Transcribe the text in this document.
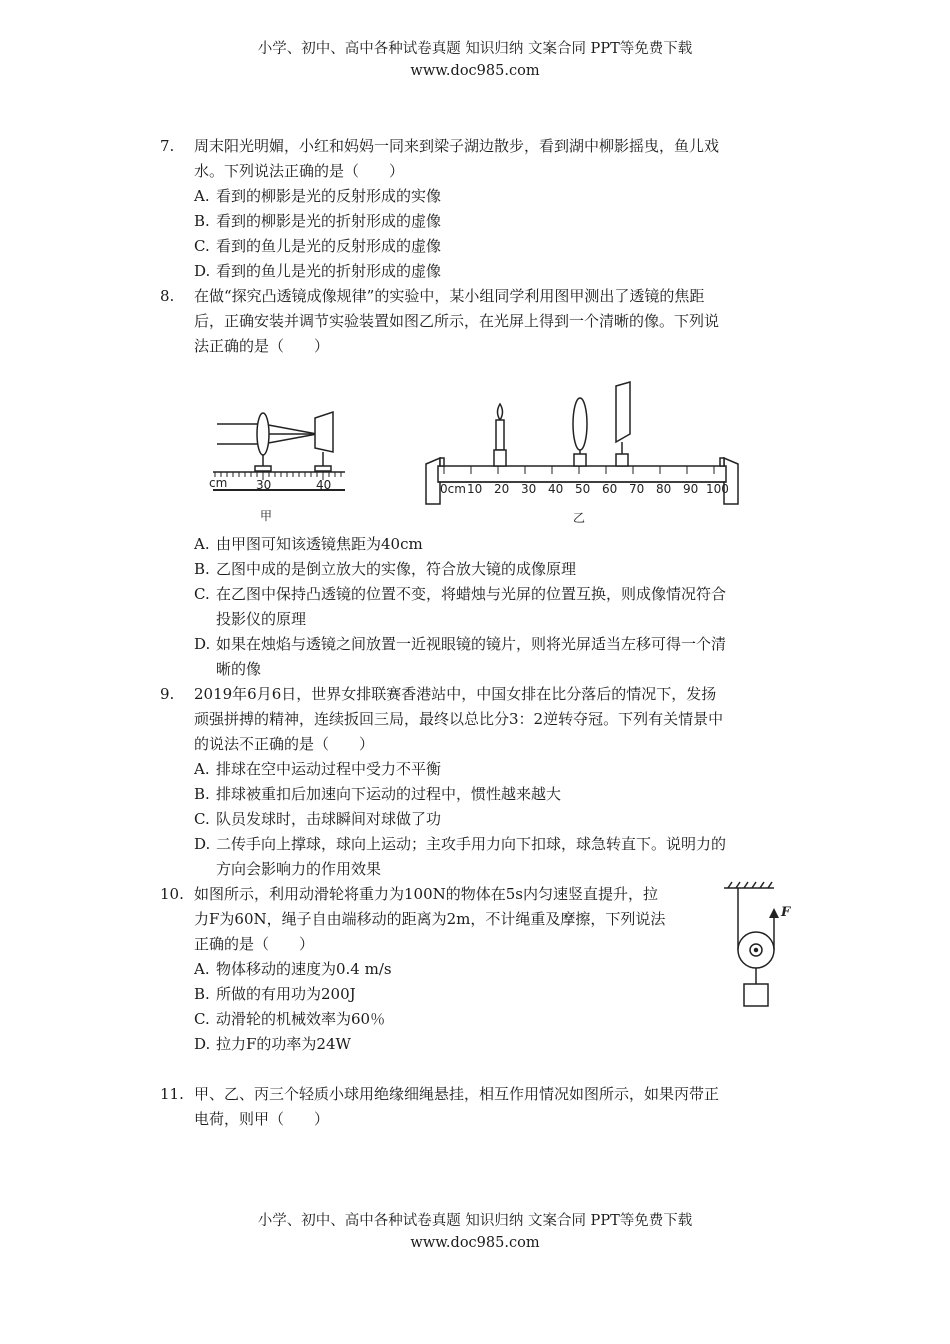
小学、初中、高中各种试卷真题 知识归纳 文案合同 PPT等免费下载
www.doc985.com
7. 周末阳光明媚，小红和妈妈一同来到梁子湖边散步，看到湖中柳影摇曳，鱼儿戏
水。下列说法正确的是（　　）
A. 看到的柳影是光的反射形成的实像
B. 看到的柳影是光的折射形成的虚像
C. 看到的鱼儿是光的反射形成的虚像
D. 看到的鱼儿是光的折射形成的虚像
8. 在做“探究凸透镜成像规律”的实验中，某小组同学利用图甲测出了透镜的焦距
后，正确安装并调节实验装置如图乙所示，在光屏上得到一个清晰的像。下列说
法正确的是（　　）
cm 30	40
甲
0cm 10 20 30 40 50 60 70 80 90 100
乙
A. 由甲图可知该透镜焦距为40cm
B. 乙图中成的是倒立放大的实像，符合放大镜的成像原理
C. 在乙图中保持凸透镜的位置不变，将蜡烛与光屏的位置互换，则成像情况符合
投影仪的原理
D. 如果在烛焰与透镜之间放置一近视眼镜的镜片，则将光屏适当左移可得一个清
晰的像
9. 2019年6月6日，世界女排联赛香港站中，中国女排在比分落后的情况下，发扬
顽强拼搏的精神，连续扳回三局，最终以总比分3：2逆转夺冠。下列有关情景中
的说法不正确的是（　　）
A. 排球在空中运动过程中受力不平衡
B. 排球被重扣后加速向下运动的过程中，惯性越来越大
C. 队员发球时，击球瞬间对球做了功
D. 二传手向上撑球，球向上运动；主攻手用力向下扣球，球急转直下。说明力的
方向会影响力的作用效果
10. 如图所示，利用动滑轮将重力为100N的物体在5s内匀速竖直提升，拉
力F为60N，绳子自由端移动的距离为2m，不计绳重及摩擦，下列说法
正确的是（　　）
A. 物体移动的速度为0.4 m/s
B. 所做的有用功为200J
C. 动滑轮的机械效率为60％
D. 拉力F的功率为24W
F
11. 甲、乙、丙三个轻质小球用绝缘细绳悬挂，相互作用情况如图所示，如果丙带正
电荷，则甲（　　）
小学、初中、高中各种试卷真题 知识归纳 文案合同 PPT等免费下载
www.doc985.com
